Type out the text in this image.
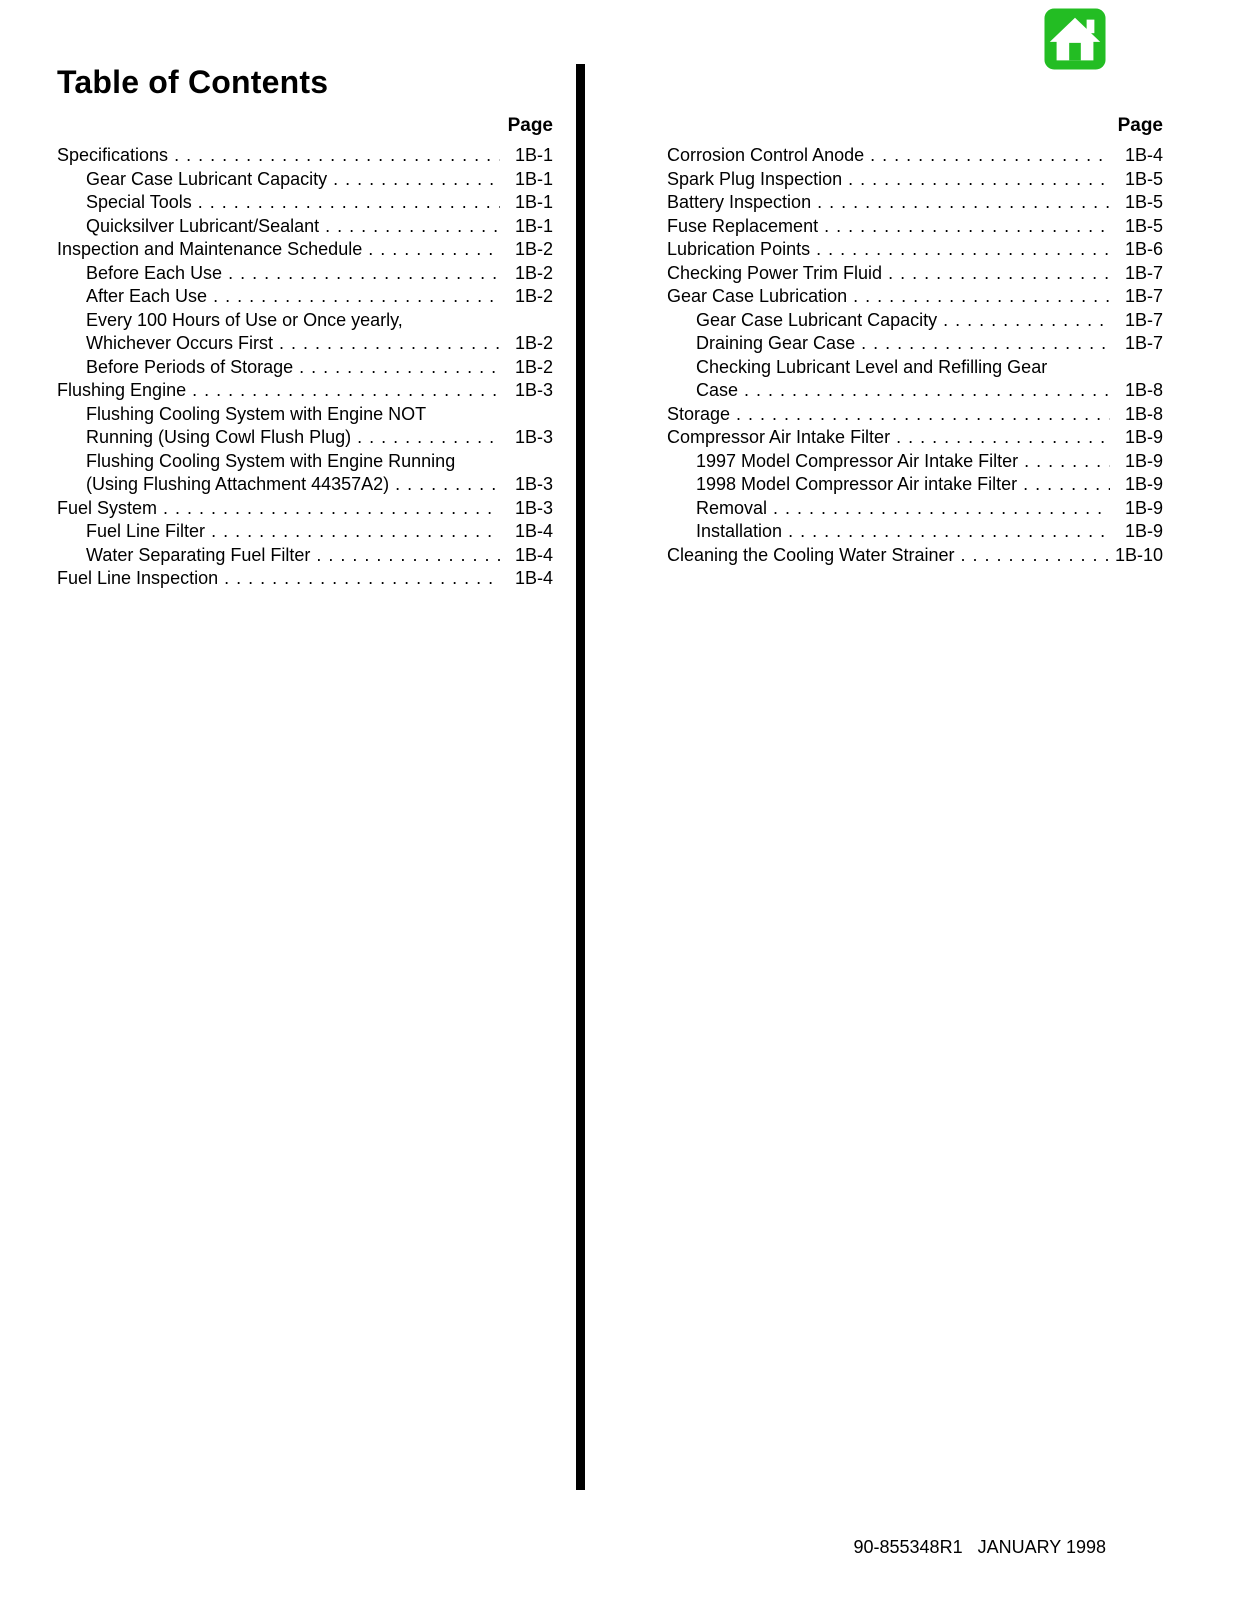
Table of Contents
Page
Specifications . . .	1B-1
Gear Case Lubricant Capacity . . .	1B-1
Special Tools . . .	1B-1
Quicksilver Lubricant/Sealant . . .	1B-1
Inspection and Maintenance Schedule . . .	1B-2
Before Each Use . . .	1B-2
After Each Use . . .	1B-2
Every 100 Hours of Use or Once yearly,
Whichever Occurs First . . .	1B-2
Before Periods of Storage . . .	1B-2
Flushing Engine . . .	1B-3
Flushing Cooling System with Engine NOT
Running (Using Cowl Flush Plug) . . .	1B-3
Flushing Cooling System with Engine Running
(Using Flushing Attachment 44357A2) . . .	1B-3
Fuel System . . .	1B-3
Fuel Line Filter . . .	1B-4
Water Separating Fuel Filter . . .	1B-4
Fuel Line Inspection . . .	1B-4
Page
Corrosion Control Anode . . .	1B-4
Spark Plug Inspection . . .	1B-5
Battery Inspection . . .	1B-5
Fuse Replacement . . .	1B-5
Lubrication Points . . .	1B-6
Checking Power Trim Fluid . . .	1B-7
Gear Case Lubrication . . .	1B-7
Gear Case Lubricant Capacity . . .	1B-7
Draining Gear Case . . .	1B-7
Checking Lubricant Level and Refilling Gear
Case . . .	1B-8
Storage . . .	1B-8
Compressor Air Intake Filter . . .	1B-9
1997 Model Compressor Air Intake Filter . . .	1B-9
1998 Model Compressor Air intake Filter . . .	1B-9
Removal . . .	1B-9
Installation . . .	1B-9
Cleaning the Cooling Water Strainer . . .	1B-10
90-855348R1   JANUARY 1998
